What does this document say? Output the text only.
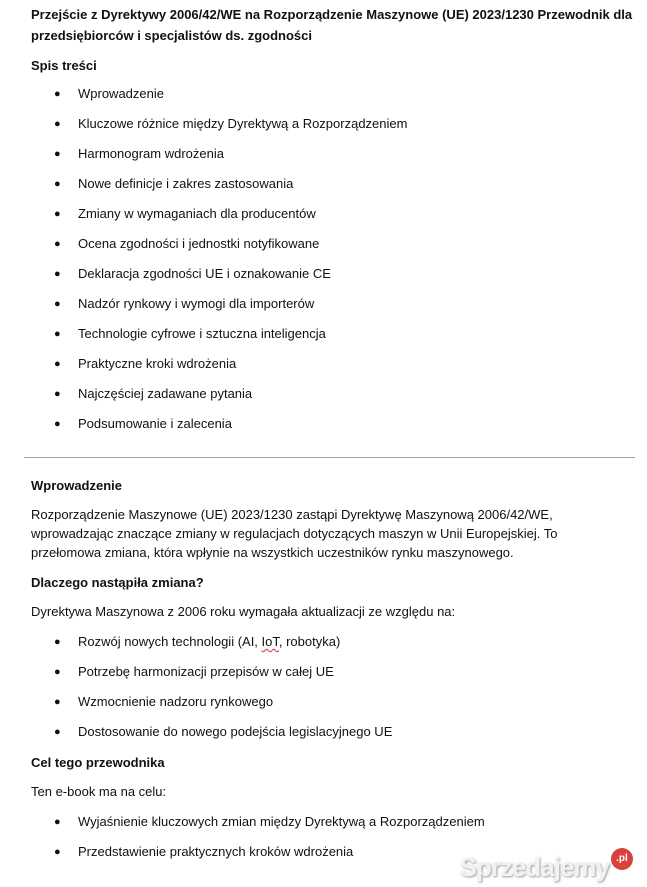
Przejście z Dyrektywy 2006/42/WE na Rozporządzenie Maszynowe (UE) 2023/1230 Przewodnik dla
przedsiębiorców i specjalistów ds. zgodności
Spis treści
● Wprowadzenie
● Kluczowe różnice między Dyrektywą a Rozporządzeniem
● Harmonogram wdrożenia
● Nowe definicje i zakres zastosowania
● Zmiany w wymaganiach dla producentów
● Ocena zgodności i jednostki notyfikowane
● Deklaracja zgodności UE i oznakowanie CE
● Nadzór rynkowy i wymogi dla importerów
● Technologie cyfrowe i sztuczna inteligencja
● Praktyczne kroki wdrożenia
● Najczęściej zadawane pytania
● Podsumowanie i zalecenia
Wprowadzenie
Rozporządzenie Maszynowe (UE) 2023/1230 zastąpi Dyrektywę Maszynową 2006/42/WE,
wprowadzając znaczące zmiany w regulacjach dotyczących maszyn w Unii Europejskiej. To
przełomowa zmiana, która wpłynie na wszystkich uczestników rynku maszynowego.
Dlaczego nastąpiła zmiana?
Dyrektywa Maszynowa z 2006 roku wymagała aktualizacji ze względu na:
● Rozwój nowych technologii (AI, IoT, robotyka)
● Potrzebę harmonizacji przepisów w całej UE
● Wzmocnienie nadzoru rynkowego
● Dostosowanie do nowego podejścia legislacyjnego UE
Cel tego przewodnika
Ten e-book ma na celu:
● Wyjaśnienie kluczowych zmian między Dyrektywą a Rozporządzeniem
● Przedstawienie praktycznych kroków wdrożenia
Sprzedajemy .pl
